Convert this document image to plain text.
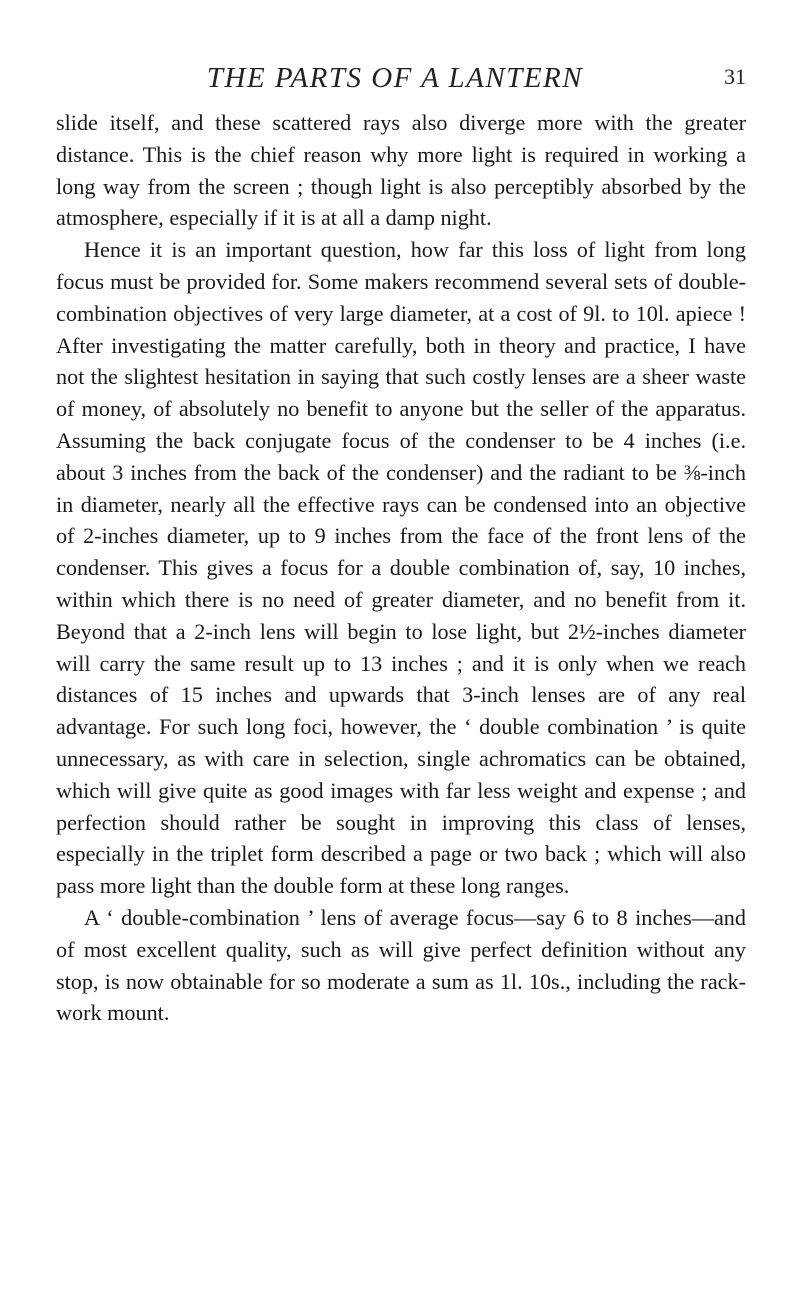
THE PARTS OF A LANTERN	31

slide itself, and these scattered rays also diverge more with the greater distance. This is the chief reason why more light is required in working a long way from the screen ; though light is also perceptibly absorbed by the atmosphere, especially if it is at all a damp night.

Hence it is an important question, how far this loss of light from long focus must be provided for. Some makers recommend several sets of double-combination objectives of very large diameter, at a cost of 9l. to 10l. apiece ! After investigating the matter carefully, both in theory and practice, I have not the slightest hesitation in saying that such costly lenses are a sheer waste of money, of absolutely no benefit to anyone but the seller of the apparatus. Assuming the back conjugate focus of the condenser to be 4 inches (i.e. about 3 inches from the back of the condenser) and the radiant to be ⅜-inch in diameter, nearly all the effective rays can be condensed into an objective of 2-inches diameter, up to 9 inches from the face of the front lens of the condenser. This gives a focus for a double combination of, say, 10 inches, within which there is no need of greater diameter, and no benefit from it. Beyond that a 2-inch lens will begin to lose light, but 2½-inches diameter will carry the same result up to 13 inches ; and it is only when we reach distances of 15 inches and upwards that 3-inch lenses are of any real advantage. For such long foci, however, the ‘ double combination ’ is quite unnecessary, as with care in selection, single achromatics can be obtained, which will give quite as good images with far less weight and expense ; and perfection should rather be sought in improving this class of lenses, especially in the triplet form described a page or two back ; which will also pass more light than the double form at these long ranges.

A ‘ double-combination ’ lens of average focus—say 6 to 8 inches—and of most excellent quality, such as will give perfect definition without any stop, is now obtainable for so moderate a sum as 1l. 10s., including the rack-work mount.
